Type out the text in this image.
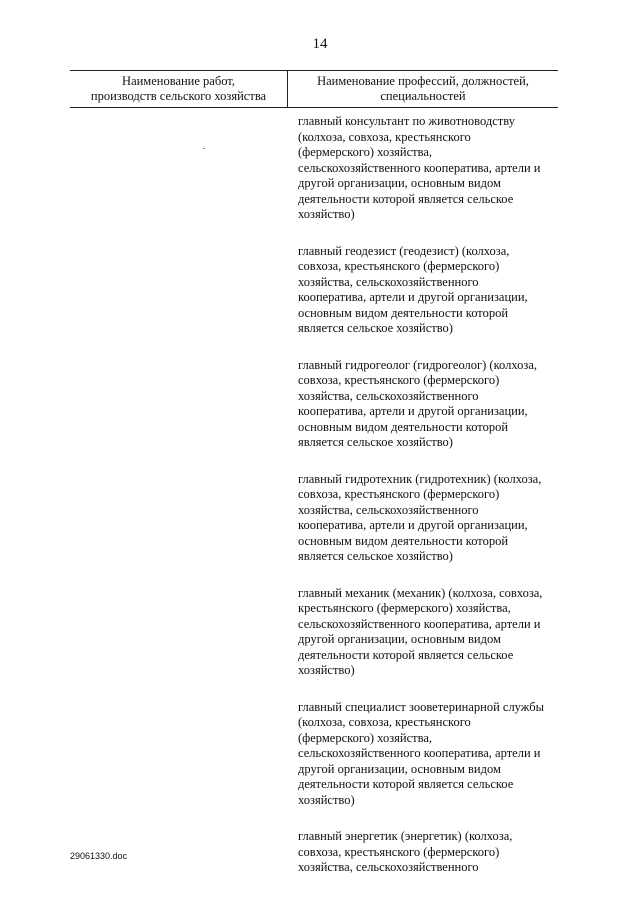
14
Наименование работ,
производств сельского хозяйства
Наименование профессий, должностей,
специальностей
главный консультант по животноводству
(колхоза, совхоза, крестьянского
(фермерского) хозяйства,
сельскохозяйственного кооператива, артели и
другой организации, основным видом
деятельности которой является сельское
хозяйство)
главный геодезист (геодезист) (колхоза,
совхоза, крестьянского (фермерского)
хозяйства, сельскохозяйственного
кооператива, артели и другой организации,
основным видом деятельности которой
является сельское хозяйство)
главный гидрогеолог (гидрогеолог) (колхоза,
совхоза, крестьянского (фермерского)
хозяйства, сельскохозяйственного
кооператива, артели и другой организации,
основным видом деятельности которой
является сельское хозяйство)
главный гидротехник (гидротехник) (колхоза,
совхоза, крестьянского (фермерского)
хозяйства, сельскохозяйственного
кооператива, артели и другой организации,
основным видом деятельности которой
является сельское хозяйство)
главный механик (механик) (колхоза, совхоза,
крестьянского (фермерского) хозяйства,
сельскохозяйственного кооператива, артели и
другой организации, основным видом
деятельности которой является сельское
хозяйство)
главный специалист зооветеринарной службы
(колхоза, совхоза, крестьянского
(фермерского) хозяйства,
сельскохозяйственного кооператива, артели и
другой организации, основным видом
деятельности которой является сельское
хозяйство)
главный энергетик (энергетик) (колхоза,
совхоза, крестьянского (фермерского)
хозяйства, сельскохозяйственного
29061330.doc
